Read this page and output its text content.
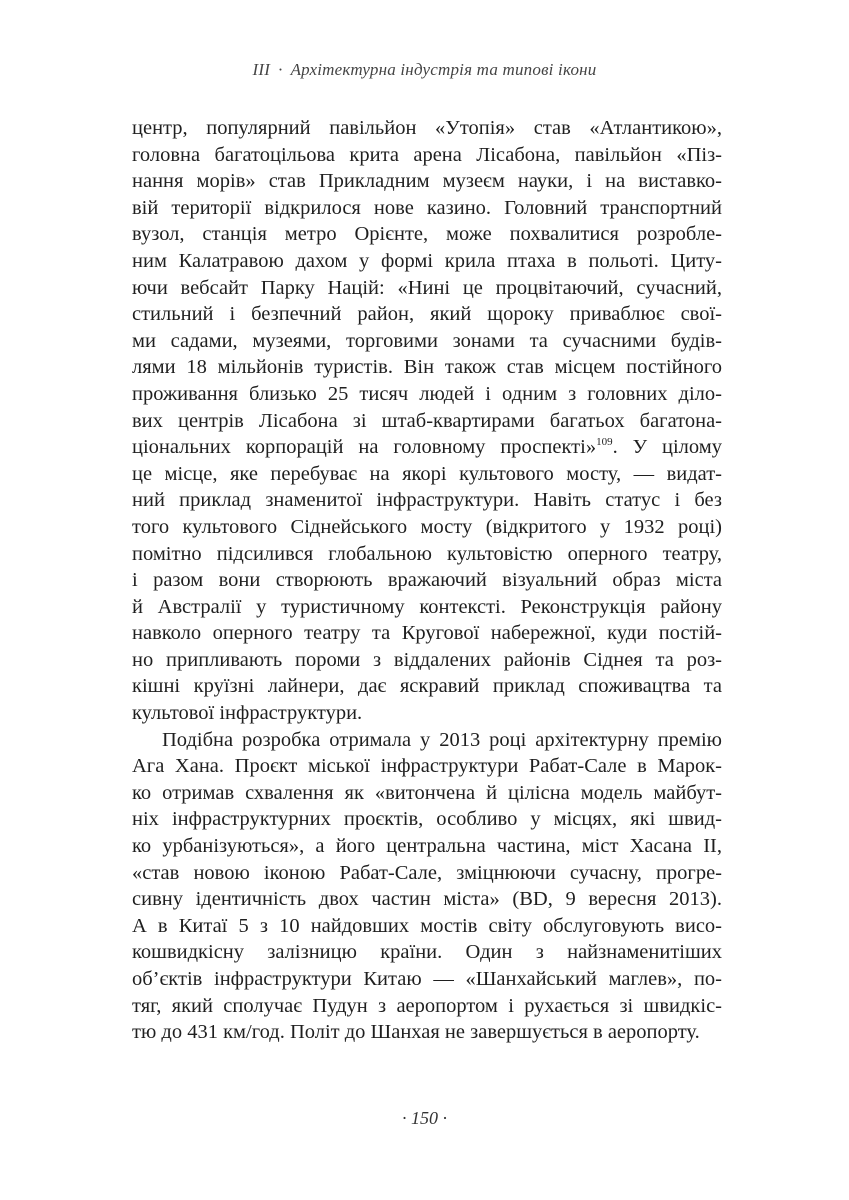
III · Архітектурна індустрія та типові ікони

центр, популярний павільйон «Утопія» став «Атлантикою»,
головна багатоцільова крита арена Лісабона, павільйон «Піз-
нання морів» став Прикладним музеєм науки, і на виставко-
вій території відкрилося нове казино. Головний транспортний
вузол, станція метро Орієнте, може похвалитися розроблe-
ним Калатравою дахом у формі крила птаха в польоті. Циту-
ючи вебсайт Парку Націй: «Нині це процвітаючий, сучасний,
стильний і безпечний район, який щороку приваблює свої-
ми садами, музеями, торговими зонами та сучасними будів-
лями 18 мільйонів туристів. Він також став місцем постійного
проживання близько 25 тисяч людей і одним з головних діло-
вих центрів Лісабона зі штаб-квартирами багатьох багатона-
ціональних корпорацій на головному проспекті»$^{109}$. У цілому
це місце, яке перебуває на якорі культового мосту, — видат-
ний приклад знаменитої інфраструктури. Навіть статус і без
того культового Сіднейського мосту (відкритого у 1932 році)
помітно підсилився глобальною культовістю оперного театру,
і разом вони створюють вражаючий візуальний образ міста
й Австралії у туристичному контексті. Реконструкція району
навколо оперного театру та Кругової набережної, куди постій-
но припливають пороми з віддалених районів Сіднея та роз-
кішні круїзні лайнери, дає яскравий приклад споживацтва та
культової інфраструктури.

Подібна розробка отримала у 2013 році архітектурну премію
Ага Хана. Проєкт міської інфраструктури Рабат-Сале в Марок-
ко отримав схвалення як «витончена й цілісна модель майбут-
ніх інфраструктурних проєктів, особливо у місцях, які швид-
ко урбанізуються», а його центральна частина, міст Хасана II,
«став новою іконою Рабат-Сале, зміцнюючи сучасну, прогре-
сивну ідентичність двох частин міста» (BD, 9 вересня 2013).
А в Китаї 5 з 10 найдовших мостів світу обслуговують висо-
кошвидкісну залізницю країни. Один з найзнаменитіших
об’єктів інфраструктури Китаю — «Шанхайський маглев», по-
тяг, який сполучає Пудун з аеропортом і рухається зі швидкіс-
тю до 431 км/год. Політ до Шанхая не завершується в аеропорту.

· 150 ·
